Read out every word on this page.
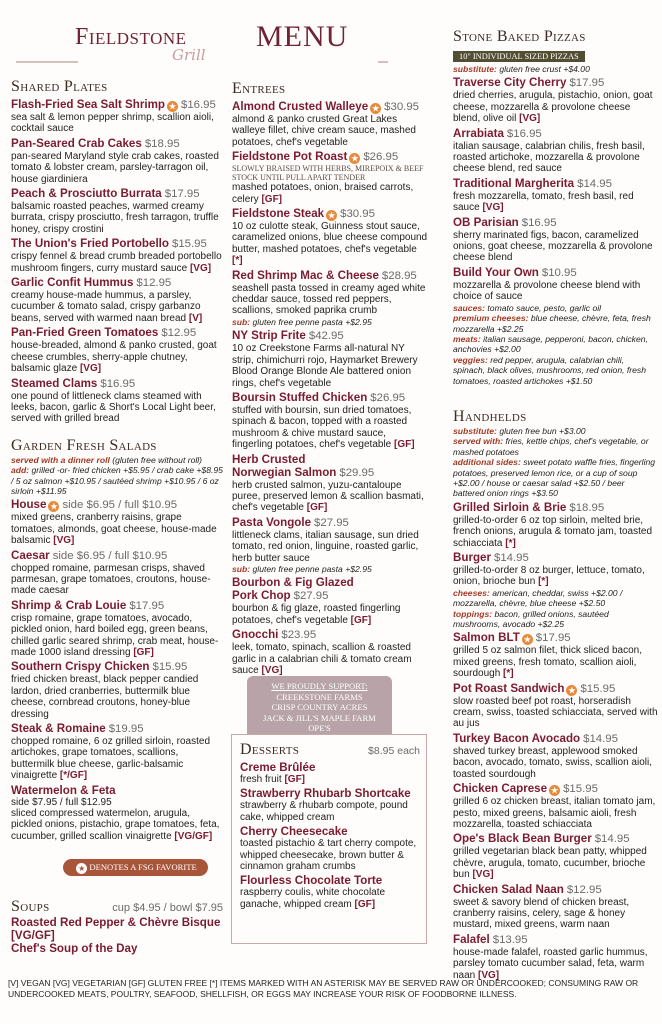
Fieldstone
Grill
MENU
Shared Plates
Flash-Fried Sea Salt Shrimp ★ $16.95
sea salt & lemon pepper shrimp, scallion aioli, cocktail sauce
Pan-Seared Crab Cakes $18.95
pan-seared Maryland style crab cakes, roasted tomato & lobster cream, parsley-tarragon oil, house giardiniera
Peach & Prosciutto Burrata $17.95
balsamic roasted peaches, warmed creamy burrata, crispy prosciutto, fresh tarragon, truffle honey, crispy crostini
The Union's Fried Portobello $15.95
crispy fennel & bread crumb breaded portobello mushroom fingers, curry mustard sauce [VG]
Garlic Confit Hummus $12.95
creamy house-made hummus, a parsley, cucumber & tomato salad, crispy garbanzo beans, served with warmed naan bread [V]
Pan-Fried Green Tomatoes $12.95
house-breaded, almond & panko crusted, goat cheese crumbles, sherry-apple chutney, balsamic glaze [VG]
Steamed Clams $16.95
one pound of littleneck clams steamed with leeks, bacon, garlic & Short's Local Light beer, served with grilled bread
Garden Fresh Salads
served with a dinner roll (gluten free without roll)
add: grilled -or- fried chicken +$5.95 / crab cake +$8.95 / 5 oz salmon +$10.95 / sautéed shrimp +$10.95 / 6 oz sirloin +$11.95
House ★ side $6.95 / full $10.95
mixed greens, cranberry raisins, grape tomatoes, almonds, goat cheese, house-made balsamic [VG]
Caesar side $6.95 / full $10.95
chopped romaine, parmesan crisps, shaved parmesan, grape tomatoes, croutons, house-made caesar
Shrimp & Crab Louie $17.95
crisp romaine, grape tomatoes, avocado, pickled onion, hard boiled egg, green beans, chilled garlic seared shrimp, crab meat, house-made 1000 island dressing [GF]
Southern Crispy Chicken $15.95
fried chicken breast, black pepper candied lardon, dried cranberries, buttermilk blue cheese, cornbread croutons, honey-blue dressing
Steak & Romaine $19.95
chopped romaine, 6 oz grilled sirloin, roasted artichokes, grape tomatoes, scallions, buttermilk blue cheese, garlic-balsamic vinaigrette [*/GF]
Watermelon & Feta
side $7.95 / full $12.95
sliced compressed watermelon, arugula, pickled onions, pistachio, grape tomatoes, feta, cucumber, grilled scallion vinaigrette [VG/GF]
★ DENOTES A FSG FAVORITE
Soups	cup $4.95 / bowl $7.95
Roasted Red Pepper & Chèvre Bisque [VG/GF]
Chef's Soup of the Day
Entrees
Almond Crusted Walleye ★ $30.95
almond & panko crusted Great Lakes walleye fillet, chive cream sauce, mashed potatoes, chef's vegetable
Fieldstone Pot Roast ★ $26.95
SLOWLY BRAISED WITH HERBS, MIREPOIX & BEEF STOCK UNTIL PULL APART TENDER
mashed potatoes, onion, braised carrots, celery [GF]
Fieldstone Steak ★ $30.95
10 oz culotte steak, Guinness stout sauce, caramelized onions, blue cheese compound butter, mashed potatoes, chef's vegetable [*]
Red Shrimp Mac & Cheese $28.95
seashell pasta tossed in creamy aged white cheddar sauce, tossed red peppers, scallions, smoked paprika crumb
sub: gluten free penne pasta +$2.95
NY Strip Frite $42.95
10 oz Creekstone Farms all-natural NY strip, chimichurri rojo, Haymarket Brewery Blood Orange Blonde Ale battered onion rings, chef's vegetable
Boursin Stuffed Chicken $26.95
stuffed with boursin, sun dried tomatoes, spinach & bacon, topped with a roasted mushroom & chive mustard sauce, fingerling potatoes, chef's vegetable [GF]
Herb Crusted
Norwegian Salmon $29.95
herb crusted salmon, yuzu-cantaloupe puree, preserved lemon & scallion basmati, chef's vegetable [GF]
Pasta Vongole $27.95
littleneck clams, italian sausage, sun dried tomato, red onion, linguine, roasted garlic, herb butter sauce
sub: gluten free penne pasta +$2.95
Bourbon & Fig Glazed
Pork Chop $27.95
bourbon & fig glaze, roasted fingerling potatoes, chef's vegetable [GF]
Gnocchi $23.95
leek, tomato, spinach, scallion & roasted garlic in a calabrian chili & tomato cream sauce [VG]
WE PROUDLY SUPPORT:
CREEKSTONE FARMS
CRISP COUNTRY ACRES
JACK & JILL'S MAPLE FARM
OPE'S
Desserts	$8.95 each
Creme Brûlée
fresh fruit [GF]
Strawberry Rhubarb Shortcake
strawberry & rhubarb compote, pound cake, whipped cream
Cherry Cheesecake
toasted pistachio & tart cherry compote, whipped cheesecake, brown butter & cinnamon graham crumbs
Flourless Chocolate Torte
raspberry coulis, white chocolate ganache, whipped cream [GF]
Stone Baked Pizzas
10" INDIVIDUAL SIZED PIZZAS
substitute: gluten free crust +$4.00
Traverse City Cherry $17.95
dried cherries, arugula, pistachio, onion, goat cheese, mozzarella & provolone cheese blend, olive oil [VG]
Arrabiata $16.95
italian sausage, calabrian chilis, fresh basil, roasted artichoke, mozzarella & provolone cheese blend, red sauce
Traditional Margherita $14.95
fresh mozzarella, tomato, fresh basil, red sauce [VG]
OB Parisian $16.95
sherry marinated figs, bacon, caramelized onions, goat cheese, mozzarella & provolone cheese blend
Build Your Own $10.95
mozzarella & provolone cheese blend with choice of sauce
sauces: tomato sauce, pesto, garlic oil
premium cheeses: blue cheese, chèvre, feta, fresh mozzarella +$2.25
meats: italian sausage, pepperoni, bacon, chicken, anchovies +$2.00
veggies: red pepper, arugula, calabrian chili, spinach, black olives, mushrooms, red onion, fresh tomatoes, roasted artichokes +$1.50
Handhelds
substitute: gluten free bun +$3.00
served with: fries, kettle chips, chef's vegetable, or mashed potatoes
additional sides: sweet potato waffle fries, fingerling potatoes, preserved lemon rice, or a cup of soup +$2.00 / house or caesar salad +$2.50 / beer battered onion rings +$3.50
Grilled Sirloin & Brie $18.95
grilled-to-order 6 oz top sirloin, melted brie, french onions, arugula & tomato jam, toasted schiacciata [*]
Burger $14.95
grilled-to-order 8 oz burger, lettuce, tomato, onion, brioche bun [*]
cheeses: american, cheddar, swiss +$2.00 / mozzarella, chèvre, blue cheese +$2.50
toppings: bacon, grilled onions, sautéed mushrooms, avocado +$2.25
Salmon BLT ★ $17.95
grilled 5 oz salmon filet, thick sliced bacon, mixed greens, fresh tomato, scallion aioli, sourdough [*]
Pot Roast Sandwich ★ $15.95
slow roasted beef pot roast, horseradish cream, swiss, toasted schiacciata, served with au jus
Turkey Bacon Avocado $14.95
shaved turkey breast, applewood smoked bacon, avocado, tomato, swiss, scallion aioli, toasted sourdough
Chicken Caprese ★ $15.95
grilled 6 oz chicken breast, italian tomato jam, pesto, mixed greens, balsamic aioli, fresh mozzarella, toasted schiacciata
Ope's Black Bean Burger $14.95
grilled vegetarian black bean patty, whipped chèvre, arugula, tomato, cucumber, brioche bun [VG]
Chicken Salad Naan $12.95
sweet & savory blend of chicken breast, cranberry raisins, celery, sage & honey mustard, mixed greens, warm naan
Falafel $13.95
house-made falafel, roasted garlic hummus, parsley tomato cucumber salad, feta, warm naan [VG]
[V] VEGAN [VG] VEGETARIAN [GF] GLUTEN FREE [*] ITEMS MARKED WITH AN ASTERISK MAY BE SERVED RAW OR UNDERCOOKED; CONSUMING RAW OR UNDERCOOKED MEATS, POULTRY, SEAFOOD, SHELLFISH, OR EGGS MAY INCREASE YOUR RISK OF FOODBORNE ILLNESS.
